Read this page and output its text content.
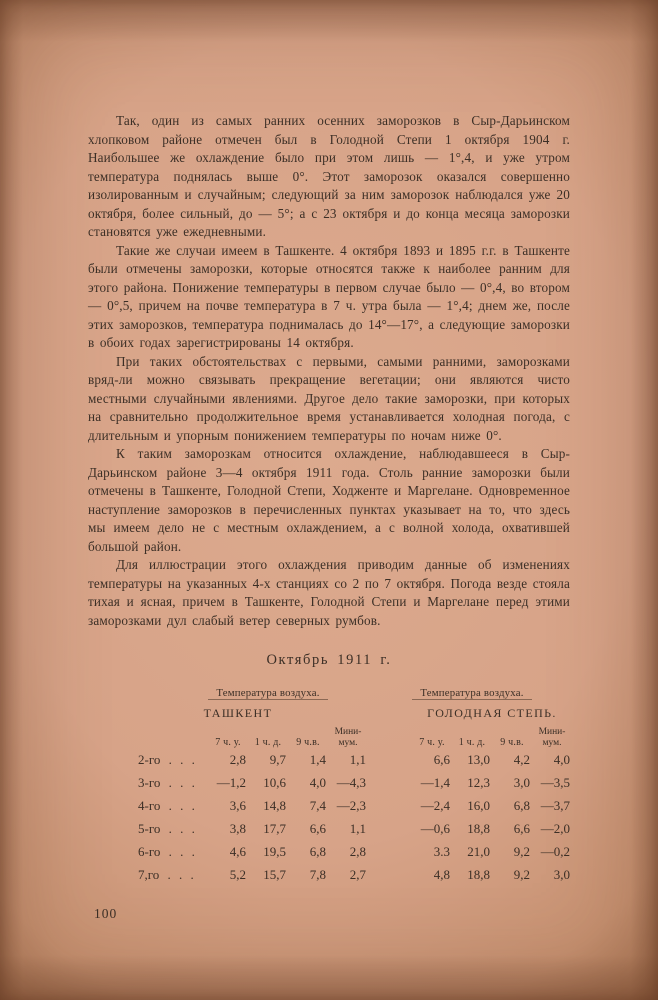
Так, один из самых ранних осенних заморозков в Сыр-Дарьинском хлопковом районе отмечен был в Голодной Степи 1 октября 1904 г. Наибольшее же охлаждение было при этом лишь — 1°,4, и уже утром температура поднялась выше 0°. Этот заморозок оказался совершенно изолированным и случайным; следующий за ним заморозок наблюдался уже 20 октября, более сильный, до — 5°; а с 23 октября и до конца месяца заморозки становятся уже ежедневными.

Такие же случаи имеем в Ташкенте. 4 октября 1893 и 1895 г.г. в Ташкенте были отмечены заморозки, которые относятся также к наиболее ранним для этого района. Понижение температуры в первом случае было — 0°,4, во втором — 0°,5, причем на почве температура в 7 ч. утра была — 1°,4; днем же, после этих заморозков, температура поднималась до 14°—17°, а следующие заморозки в обоих годах зарегистрированы 14 октября.

При таких обстоятельствах с первыми, самыми ранними, заморозками вряд-ли можно связывать прекращение вегетации; они являются чисто местными случайными явлениями. Другое дело такие заморозки, при которых на сравнительно продолжительное время устанавливается холодная погода, с длительным и упорным понижением температуры по ночам ниже 0°.

К таким заморозкам относится охлаждение, наблюдавшееся в Сыр-Дарьинском районе 3—4 октября 1911 года. Столь ранние заморозки были отмечены в Ташкенте, Голодной Степи, Ходженте и Маргелане. Одновременное наступление заморозков в перечисленных пунктах указывает на то, что здесь мы имеем дело не с местным охлаждением, а с волной холода, охватившей большой район.

Для иллюстрации этого охлаждения приводим данные об изменениях температуры на указанных 4-х станциях со 2 по 7 октября. Погода везде стояла тихая и ясная, причем в Ташкенте, Голодной Степи и Маргелане перед этими заморозками дул слабый ветер северных румбов.

Октябрь 1911 г.
Температура воздуха.	Температура воздуха.
ТАШКЕНТ	ГОЛОДНАЯ СТЕПЬ.
7 ч. у.	1 ч. д.	9 ч.в.
Мини-
мум.	7 ч. у.	1 ч. д.	9 ч.в.
Мини-
мум.
2-го . . .	2,8	9,7	1,4	1,1	6,6	13,0	4,2	4,0
3-го . . .	—1,2	10,6	4,0 —4,3	—1,4	12,3	3,0 —3,5
4-го . . .	3,6	14,8	7,4 —2,3	—2,4	16,0	6,8 —3,7
5-го . . .	3,8	17,7	6,6	1,1	—0,6	18,8	6,6 —2,0
6-го . . .	4,6	19,5	6,8	2,8	3.3	21,0	9,2 —0,2
7,го . . .	5,2	15,7	7,8	2,7	4,8	18,8	9,2	3,0
100
